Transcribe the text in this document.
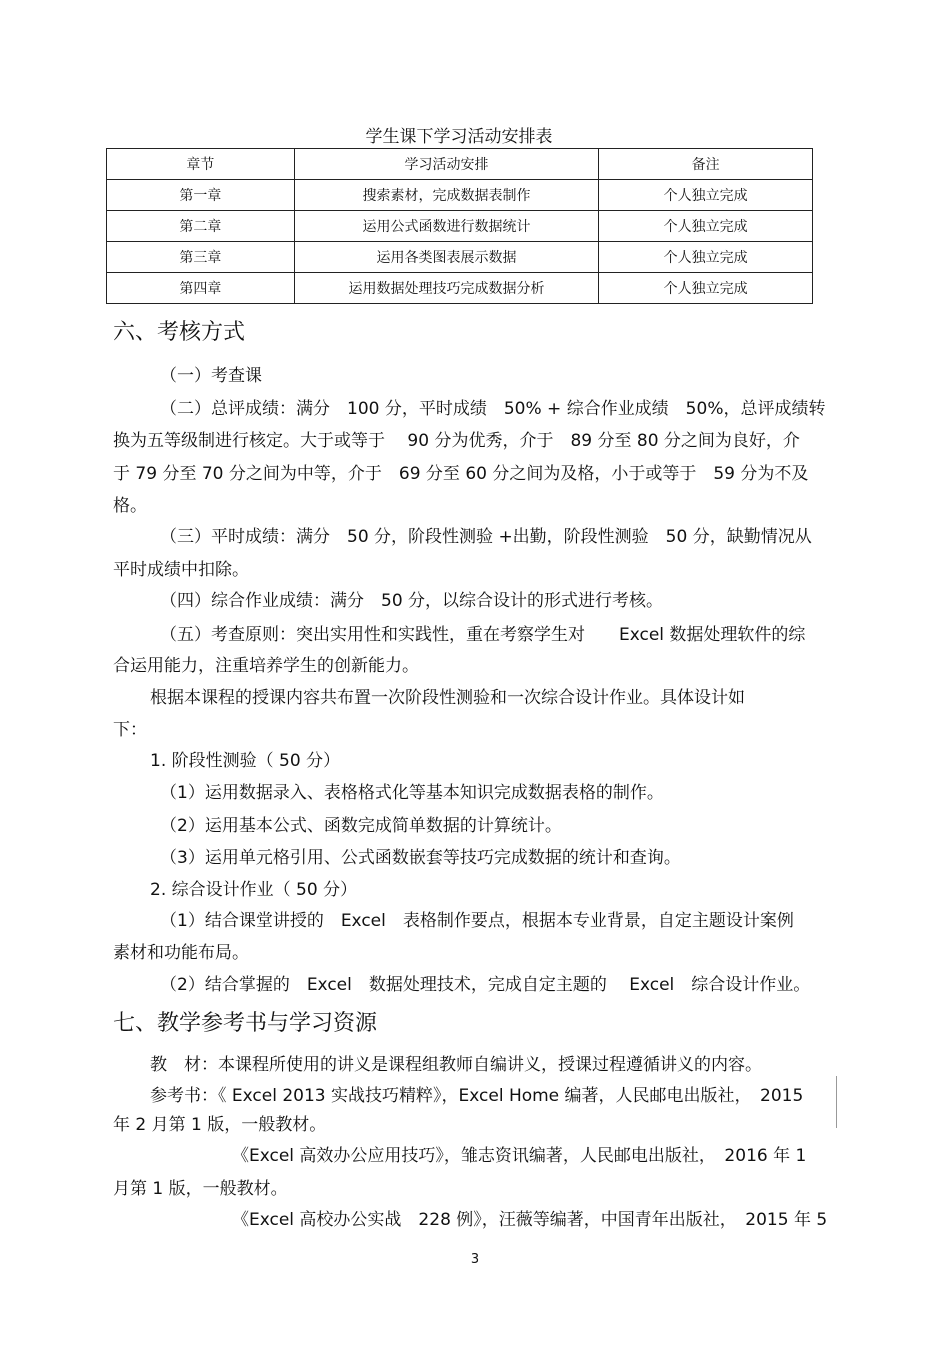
学生课下学习活动安排表
章节	学习活动安排	备注
第一章	搜索素材，完成数据表制作	个人独立完成
第二章	运用公式函数进行数据统计	个人独立完成
第三章	运用各类图表展示数据	个人独立完成
第四章	运用数据处理技巧完成数据分析	个人独立完成
六、考核方式
（一）考查课
（二）总评成绩：满分　100 分，平时成绩　50% + 综合作业成绩　50%，总评成绩转
换为五等级制进行核定。大于或等于　 90 分为优秀，介于　89 分至 80 分之间为良好，介
于 79 分至 70 分之间为中等，介于　69 分至 60 分之间为及格，小于或等于　59 分为不及
格。
（三）平时成绩：满分　50 分，阶段性测验 +出勤，阶段性测验　50 分，缺勤情况从
平时成绩中扣除。
（四）综合作业成绩：满分　50 分，以综合设计的形式进行考核。
（五）考查原则：突出实用性和实践性，重在考察学生对　　Excel 数据处理软件的综
合运用能力，注重培养学生的创新能力。
根据本课程的授课内容共布置一次阶段性测验和一次综合设计作业。具体设计如
下：
1. 阶段性测验（ 50 分）
（1）运用数据录入、表格格式化等基本知识完成数据表格的制作。
（2）运用基本公式、函数完成简单数据的计算统计。
（3）运用单元格引用、公式函数嵌套等技巧完成数据的统计和查询。
2. 综合设计作业（ 50 分）
（1）结合课堂讲授的　Excel　表格制作要点，根据本专业背景，自定主题设计案例
素材和功能布局。
（2）结合掌握的　Excel　数据处理技术，完成自定主题的　 Excel　综合设计作业。
七、教学参考书与学习资源
教　材：本课程所使用的讲义是课程组教师自编讲义，授课过程遵循讲义的内容。
参考书：《 Excel 2013 实战技巧精粹》，Excel Home 编著，人民邮电出版社，　2015
年 2 月第 1 版，一般教材。
《Excel 高效办公应用技巧》，雏志资讯编著，人民邮电出版社，　2016 年 1
月第 1 版，一般教材。
《Excel 高校办公实战　228 例》，汪薇等编著，中国青年出版社，　2015 年 5
3
